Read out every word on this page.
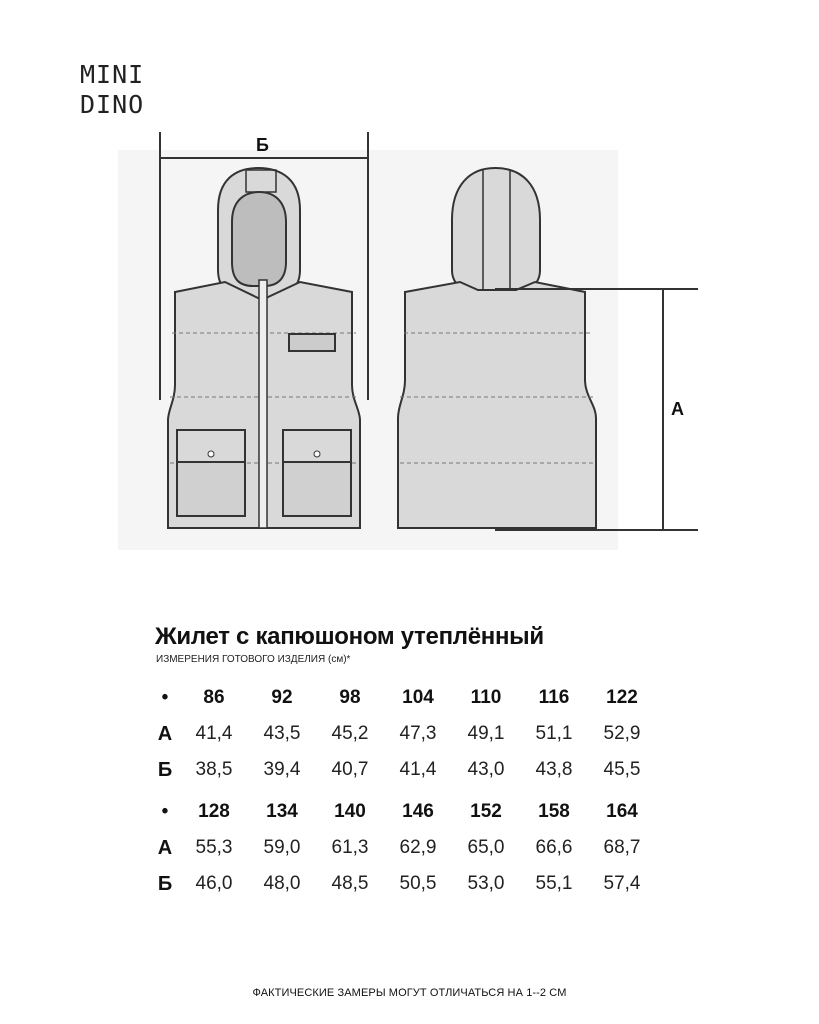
MINI
DINO
Б
А
Жилет с капюшоном утеплённый
ИЗМЕРЕНИЯ ГОТОВОГО ИЗДЕЛИЯ (см)*
•	86	92	98	104	110	116	122
А	41,4	43,5	45,2	47,3	49,1	51,1	52,9
Б	38,5	39,4	40,7	41,4	43,0	43,8	45,5
•	128	134	140	146	152	158	164
А	55,3	59,0	61,3	62,9	65,0	66,6	68,7
Б	46,0	48,0	48,5	50,5	53,0	55,1	57,4
ФАКТИЧЕСКИЕ ЗАМЕРЫ МОГУТ ОТЛИЧАТЬСЯ НА 1--2 СМ
